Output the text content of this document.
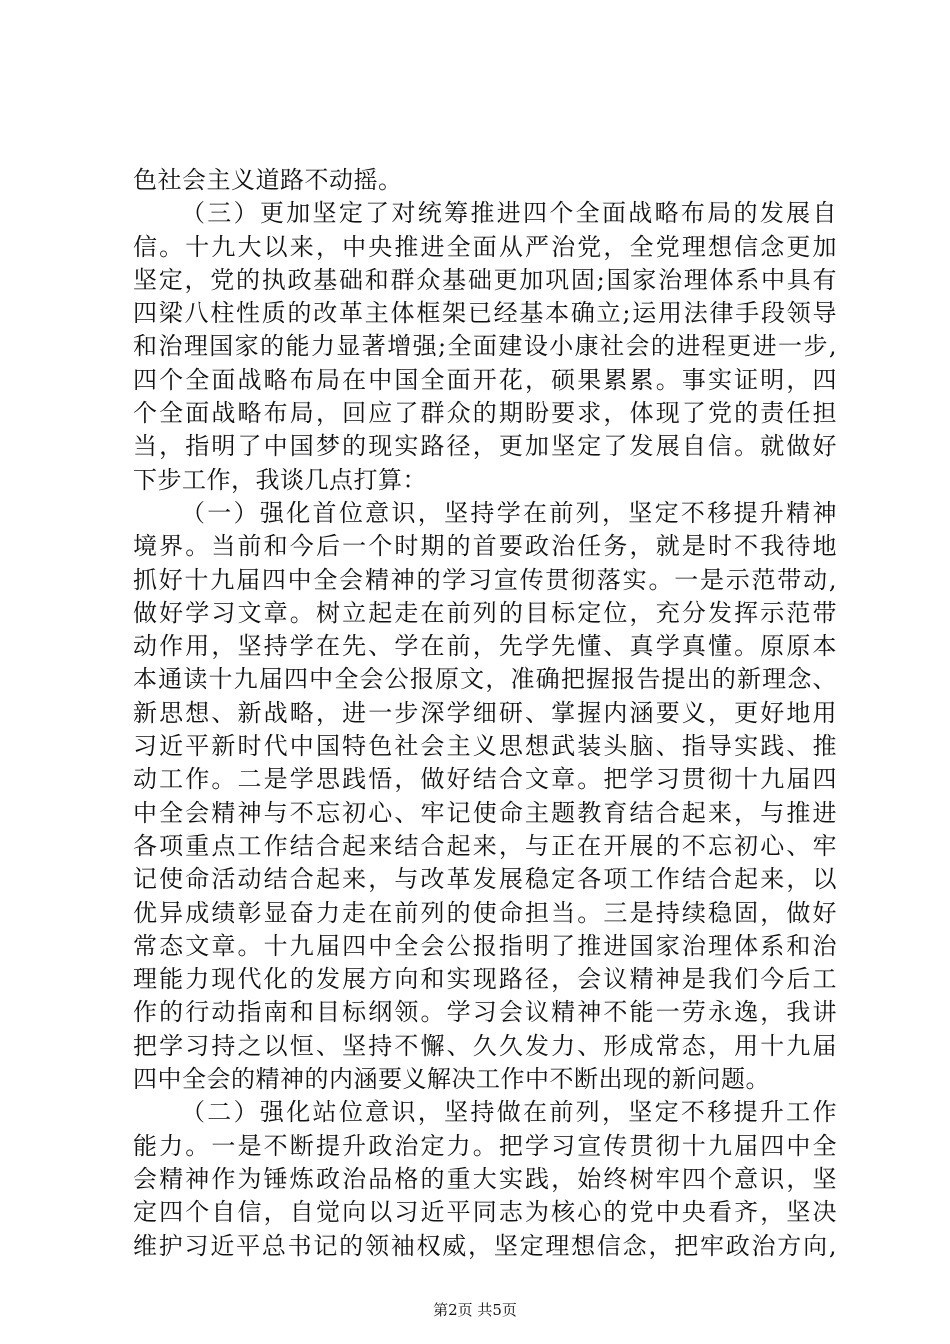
色社会主义道路不动摇。
（三）更加坚定了对统筹推进四个全面战略布局的发展自
信。十九大以来，中央推进全面从严治党，全党理想信念更加
坚定，党的执政基础和群众基础更加巩固;国家治理体系中具有
四梁八柱性质的改革主体框架已经基本确立;运用法律手段领导
和治理国家的能力显著增强;全面建设小康社会的进程更进一步,
四个全面战略布局在中国全面开花，硕果累累。事实证明，四
个全面战略布局，回应了群众的期盼要求，体现了党的责任担
当，指明了中国梦的现实路径，更加坚定了发展自信。就做好
下步工作，我谈几点打算：
（一）强化首位意识，坚持学在前列，坚定不移提升精神
境界。当前和今后一个时期的首要政治任务，就是时不我待地
抓好十九届四中全会精神的学习宣传贯彻落实。一是示范带动,
做好学习文章。树立起走在前列的目标定位，充分发挥示范带
动作用，坚持学在先、学在前，先学先懂、真学真懂。原原本
本通读十九届四中全会公报原文，准确把握报告提出的新理念、
新思想、新战略，进一步深学细研、掌握内涵要义，更好地用
习近平新时代中国特色社会主义思想武装头脑、指导实践、推
动工作。二是学思践悟，做好结合文章。把学习贯彻十九届四
中全会精神与不忘初心、牢记使命主题教育结合起来，与推进
各项重点工作结合起来结合起来，与正在开展的不忘初心、牢
记使命活动结合起来，与改革发展稳定各项工作结合起来，以
优异成绩彰显奋力走在前列的使命担当。三是持续稳固，做好
常态文章。十九届四中全会公报指明了推进国家治理体系和治
理能力现代化的发展方向和实现路径，会议精神是我们今后工
作的行动指南和目标纲领。学习会议精神不能一劳永逸，我讲
把学习持之以恒、坚持不懈、久久发力、形成常态，用十九届
四中全会的精神的内涵要义解决工作中不断出现的新问题。
（二）强化站位意识，坚持做在前列，坚定不移提升工作
能力。一是不断提升政治定力。把学习宣传贯彻十九届四中全
会精神作为锤炼政治品格的重大实践，始终树牢四个意识，坚
定四个自信，自觉向以习近平同志为核心的党中央看齐，坚决
维护习近平总书记的领袖权威，坚定理想信念，把牢政治方向,
第2页 共5页
